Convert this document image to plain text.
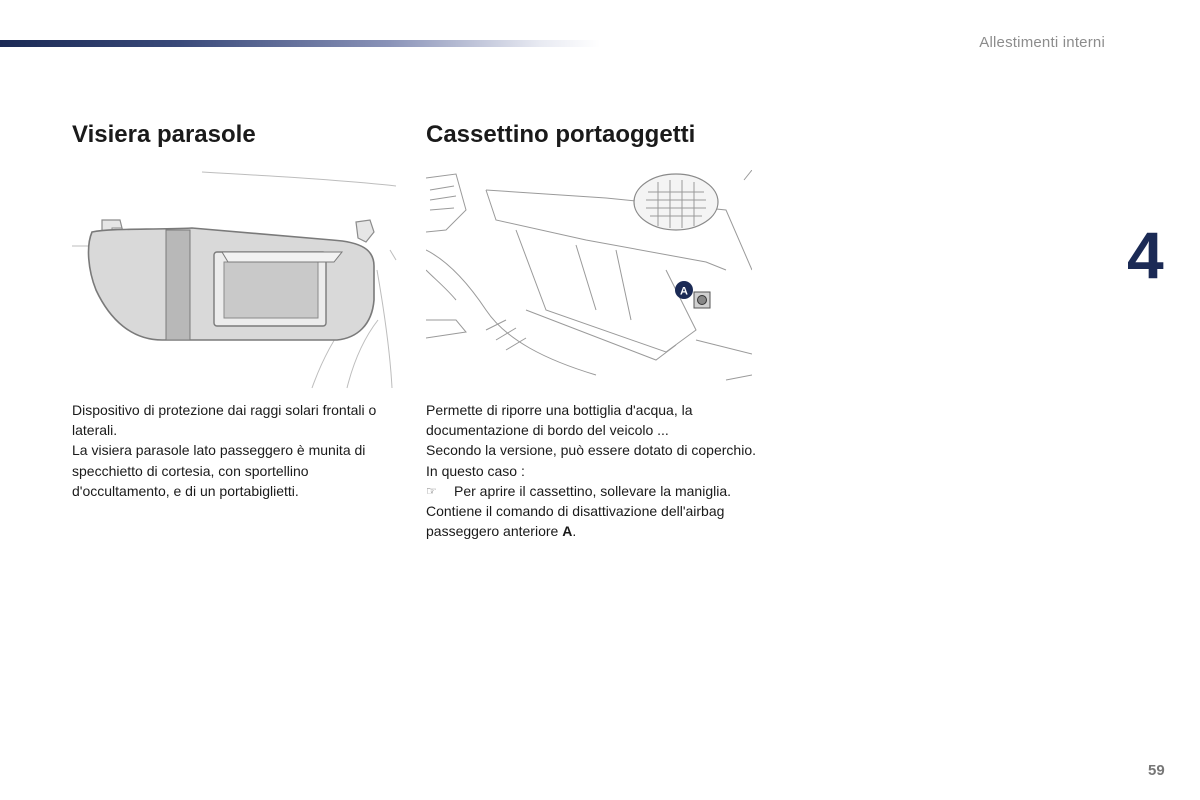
Allestimenti interni
4
Visiera parasole

Dispositivo di protezione dai raggi solari frontali o laterali.

La visiera parasole lato passeggero è munita di specchietto di cortesia, con sportellino d'occultamento, e di un portabiglietti.

Cassettino portaoggetti
A

Permette di riporre una bottiglia d'acqua, la documentazione di bordo del veicolo ...

Secondo la versione, può essere dotato di coperchio. In questo caso :

☞	Per aprire il cassettino, sollevare la maniglia.

Contiene il comando di disattivazione dell'airbag passeggero anteriore A.

59
